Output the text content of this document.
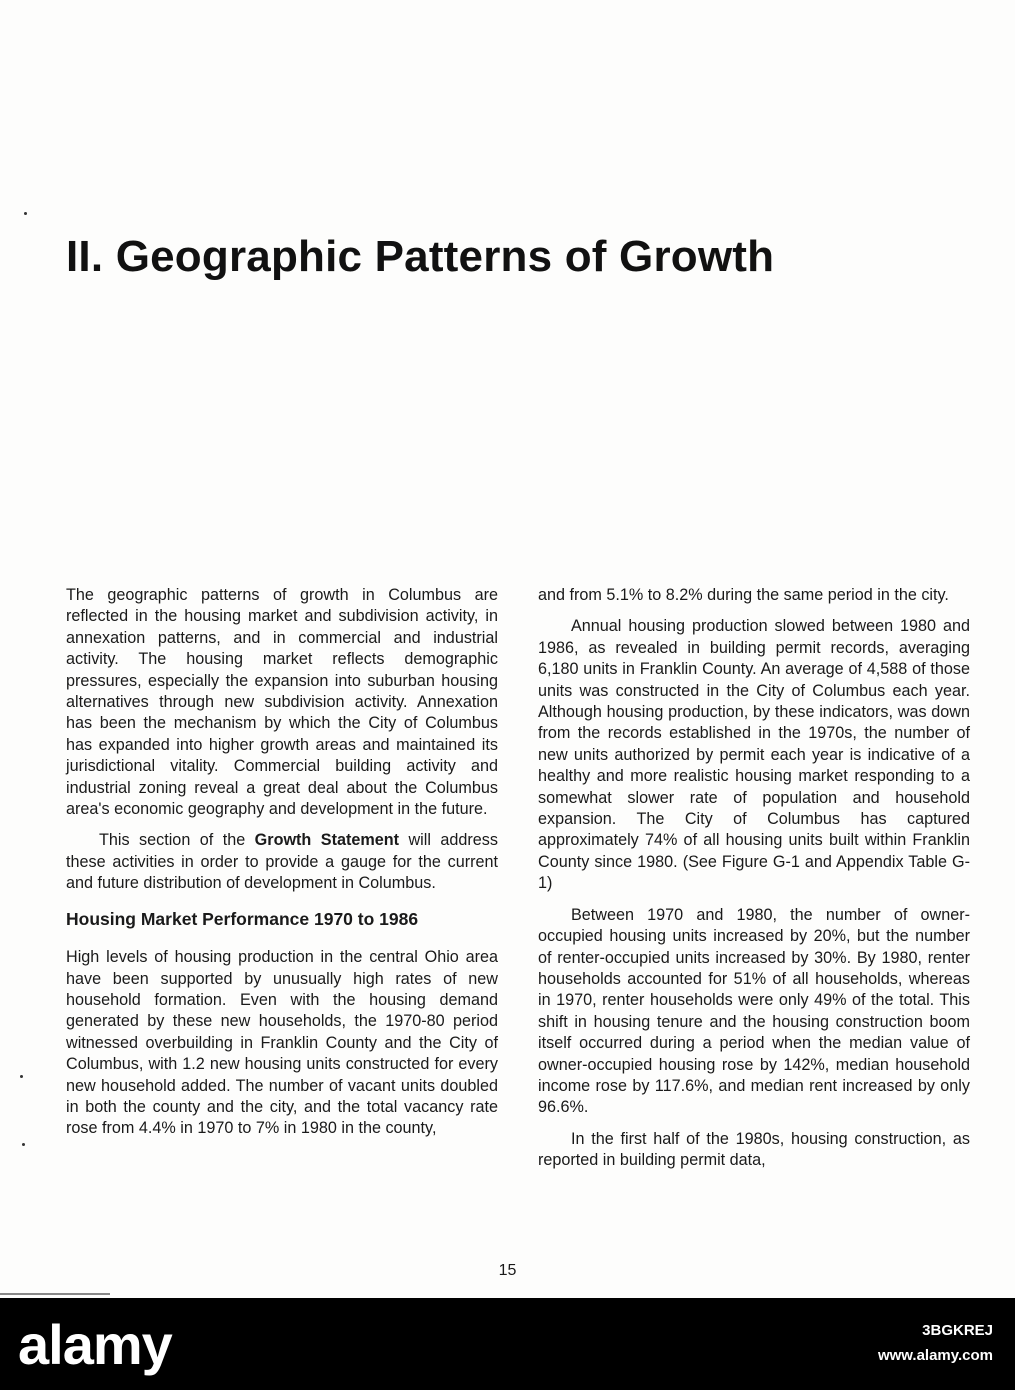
II. Geographic Patterns of Growth

The geographic patterns of growth in Columbus are reflected in the housing market and subdivision activity, in annexation patterns, and in commercial and industrial activity. The housing market reflects demographic pressures, especially the expansion into suburban housing alternatives through new subdivision activity. Annexation has been the mechanism by which the City of Columbus has expanded into higher growth areas and maintained its jurisdictional vitality. Commercial building activity and industrial zoning reveal a great deal about the Columbus area's economic geography and development in the future.

This section of the Growth Statement will address these activities in order to provide a gauge for the current and future distribution of development in Columbus.

Housing Market Performance 1970 to 1986

High levels of housing production in the central Ohio area have been supported by unusually high rates of new household formation. Even with the housing demand generated by these new households, the 1970-80 period witnessed overbuilding in Franklin County and the City of Columbus, with 1.2 new housing units constructed for every new household added. The number of vacant units doubled in both the county and the city, and the total vacancy rate rose from 4.4% in 1970 to 7% in 1980 in the county,

and from 5.1% to 8.2% during the same period in the city.

Annual housing production slowed between 1980 and 1986, as revealed in building permit records, averaging 6,180 units in Franklin County. An average of 4,588 of those units was constructed in the City of Columbus each year. Although housing production, by these indicators, was down from the records established in the 1970s, the number of new units authorized by permit each year is indicative of a healthy and more realistic housing market responding to a somewhat slower rate of population and household expansion. The City of Columbus has captured approximately 74% of all housing units built within Franklin County since 1980. (See Figure G-1 and Appendix Table G-1)

Between 1970 and 1980, the number of owner-occupied housing units increased by 20%, but the number of renter-occupied units increased by 30%. By 1980, renter households accounted for 51% of all households, whereas in 1970, renter households were only 49% of the total. This shift in housing tenure and the housing construction boom itself occurred during a period when the median value of owner-occupied housing rose by 142%, median household income rose by 117.6%, and median rent increased by only 96.6%.

In the first half of the 1980s, housing construction, as reported in building permit data,

15
alamy	3BGKREJ
www.alamy.com
